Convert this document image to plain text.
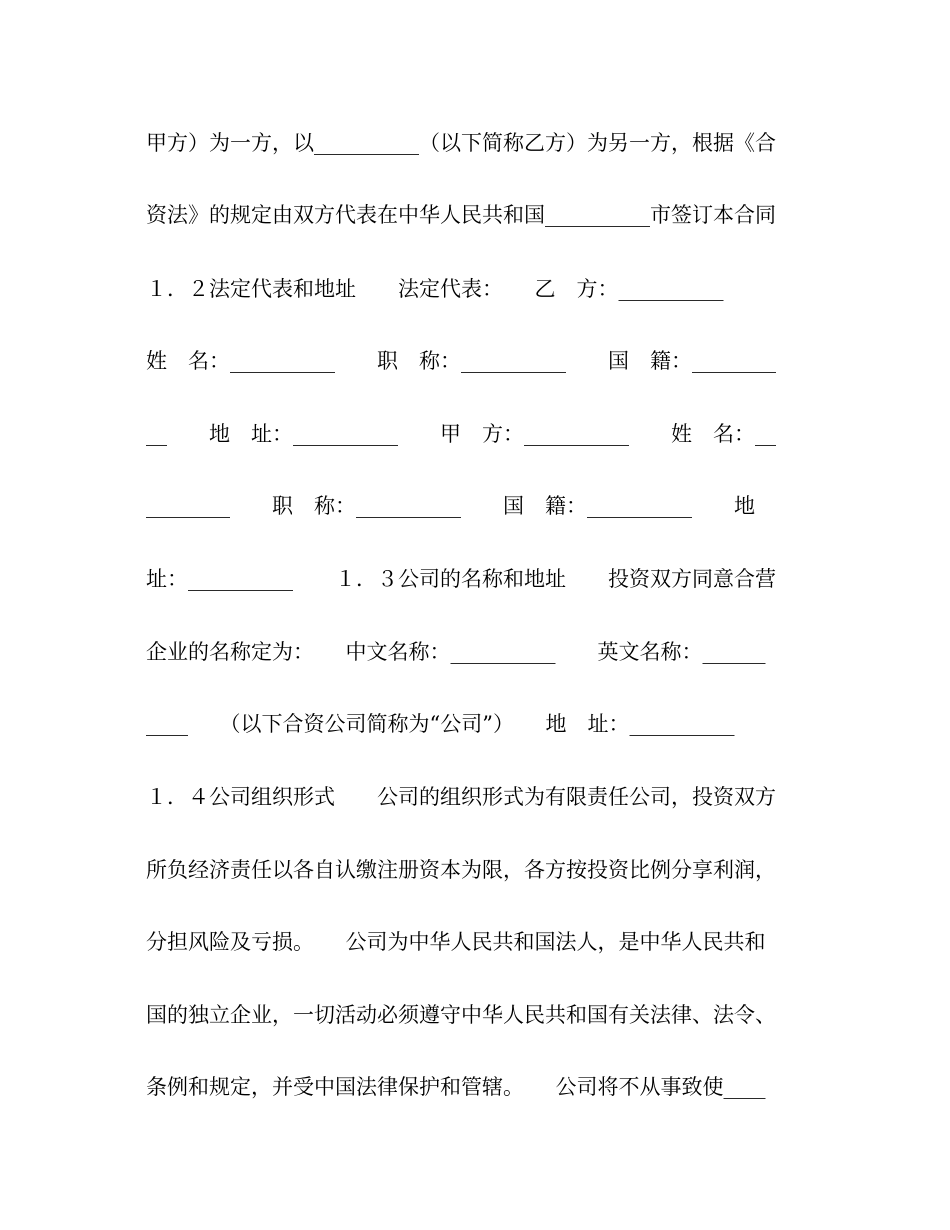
甲方）为一方，以__________（以下简称乙方）为另一方，根据《合
资法》的规定由双方代表在中华人民共和国__________市签订本合同
１．２法定代表和地址　　法定代表：　　乙　方：__________
姓　名：__________　　职　称：__________　　国　籍：________
__　　地　址：__________　　甲　方：__________　　姓　名：__
________　　职　称：__________　　国　籍：__________　　地
址：__________　　１．３公司的名称和地址　　投资双方同意合营
企业的名称定为：　　中文名称：__________　　英文名称：______
____　　（以下合资公司简称为“公司”）　　地　址：__________
１．４公司组织形式　　公司的组织形式为有限责任公司，投资双方
所负经济责任以各自认缴注册资本为限，各方按投资比例分享利润，
分担风险及亏损。　　公司为中华人民共和国法人，是中华人民共和
国的独立企业，一切活动必须遵守中华人民共和国有关法律、法令、
条例和规定，并受中国法律保护和管辖。　　公司将不从事致使____
